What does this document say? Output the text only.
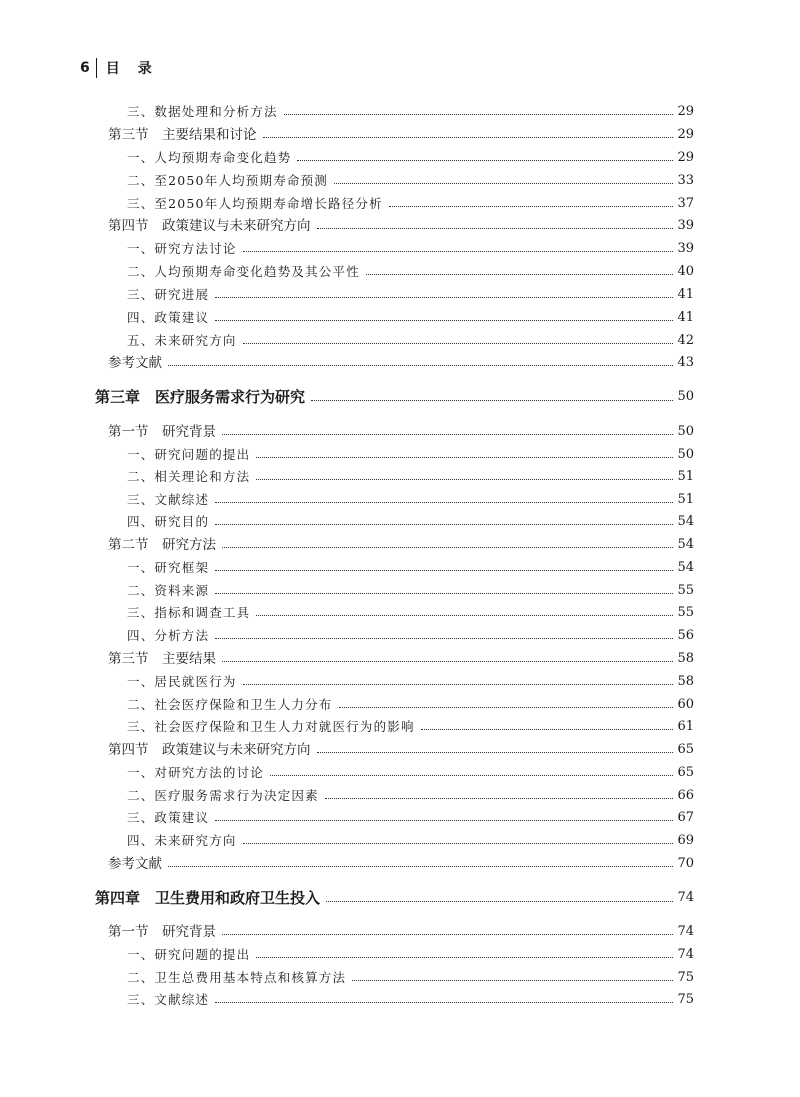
6 目录
三、数据处理和分析方法	29
第三节　主要结果和讨论	29
一、人均预期寿命变化趋势	29
二、至2050年人均预期寿命预测	33
三、至2050年人均预期寿命增长路径分析	37
第四节　政策建议与未来研究方向	39
一、研究方法讨论	39
二、人均预期寿命变化趋势及其公平性	40
三、研究进展	41
四、政策建议	41
五、未来研究方向	42
参考文献	43
第三章　医疗服务需求行为研究	50
第一节　研究背景	50
一、研究问题的提出	50
二、相关理论和方法	51
三、文献综述	51
四、研究目的	54
第二节　研究方法	54
一、研究框架	54
二、资料来源	55
三、指标和调查工具	55
四、分析方法	56
第三节　主要结果	58
一、居民就医行为	58
二、社会医疗保险和卫生人力分布	60
三、社会医疗保险和卫生人力对就医行为的影响	61
第四节　政策建议与未来研究方向	65
一、对研究方法的讨论	65
二、医疗服务需求行为决定因素	66
三、政策建议	67
四、未来研究方向	69
参考文献	70
第四章　卫生费用和政府卫生投入	74
第一节　研究背景	74
一、研究问题的提出	74
二、卫生总费用基本特点和核算方法	75
三、文献综述	75
